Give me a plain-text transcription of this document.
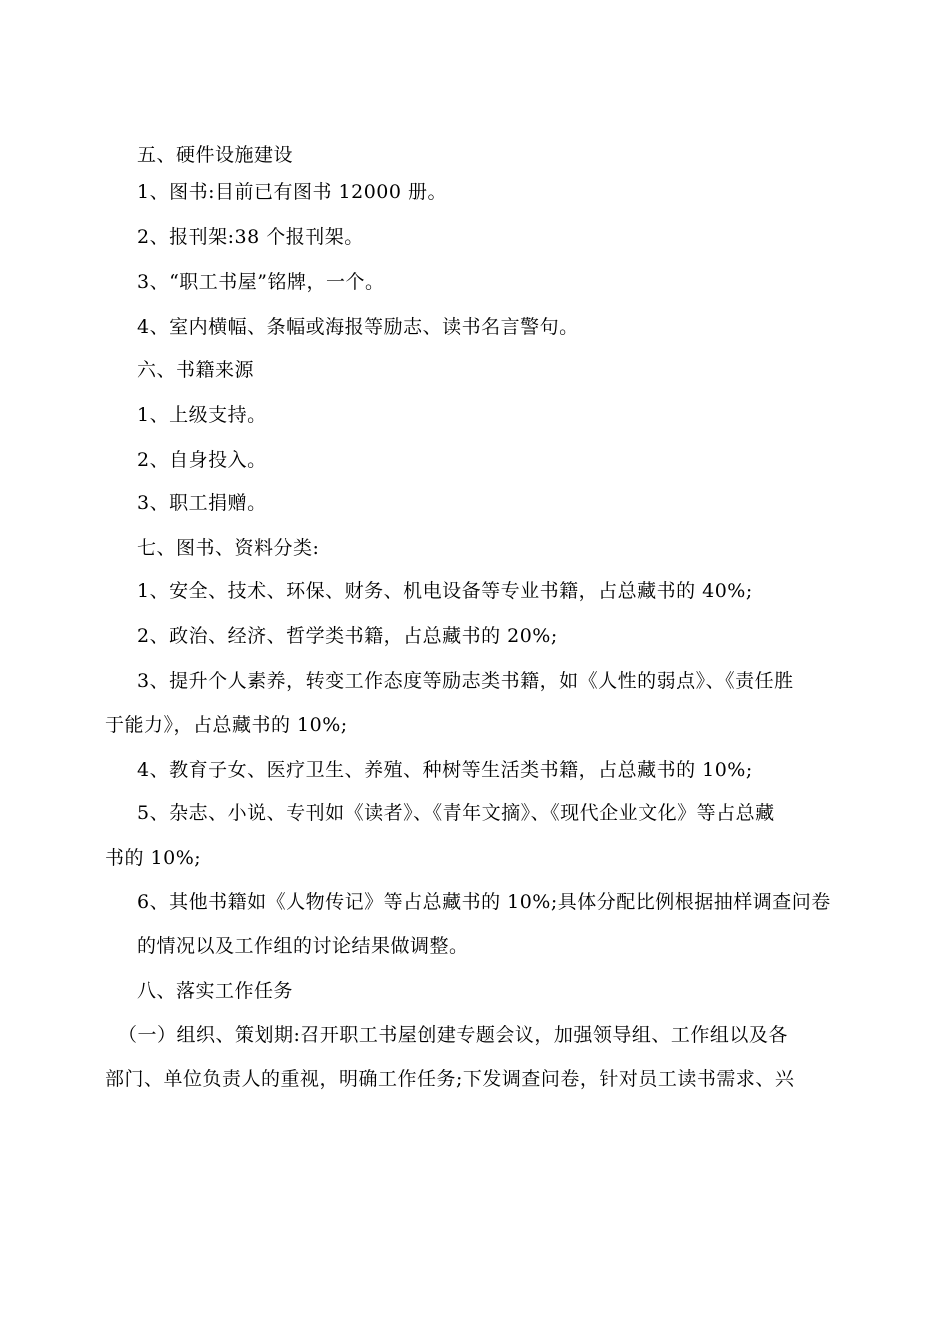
五、硬件设施建设
1、图书:目前已有图书 12000 册。
2、报刊架:38 个报刊架。
3、“职工书屋”铭牌，一个。
4、室内横幅、条幅或海报等励志、读书名言警句。
六、书籍来源
1、上级支持。
2、自身投入。
3、职工捐赠。
七、图书、资料分类:
1、安全、技术、环保、财务、机电设备等专业书籍，占总藏书的 40%;
2、政治、经济、哲学类书籍，占总藏书的 20%;
3、提升个人素养，转变工作态度等励志类书籍，如《人性的弱点》、《责任胜
于能力》，占总藏书的 10%;
4、教育子女、医疗卫生、养殖、种树等生活类书籍，占总藏书的 10%;
5、杂志、小说、专刊如《读者》、《青年文摘》、《现代企业文化》等占总藏
书的 10%;
6、其他书籍如《人物传记》等占总藏书的 10%;具体分配比例根据抽样调查问卷
的情况以及工作组的讨论结果做调整。
八、落实工作任务
（一）组织、策划期:召开职工书屋创建专题会议，加强领导组、工作组以及各
部门、单位负责人的重视，明确工作任务;下发调查问卷，针对员工读书需求、兴
